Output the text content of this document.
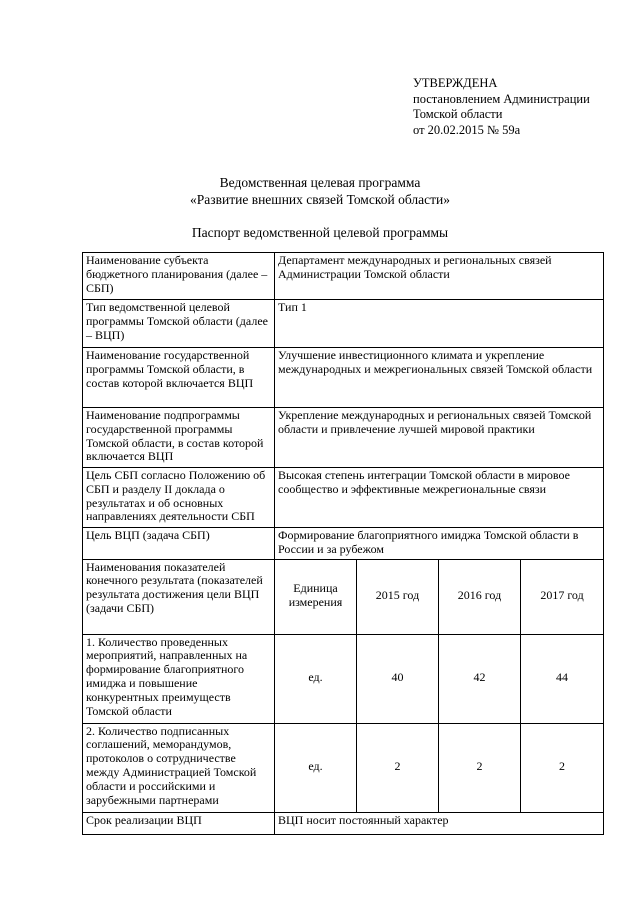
УТВЕРЖДЕНА
постановлением Администрации
Томской области
от 20.02.2015 № 59а
Ведомственная целевая программа
«Развитие внешних связей Томской области»
Паспорт ведомственной целевой программы
Наименование субъекта бюджетного планирования (далее – СБП)	Департамент международных и региональных связей Администрации Томской области			
Тип ведомственной целевой программы Томской области (далее – ВЦП)	Тип 1			
Наименование государственной программы Томской области, в состав которой включается ВЦП	Улучшение инвестиционного климата и укрепление международных и межрегиональных связей Томской области			
Наименование подпрограммы государственной программы Томской области, в состав которой включается ВЦП	Укрепление международных и региональных связей Томской области и привлечение лучшей мировой практики			
Цель СБП согласно Положению об СБП и разделу II доклада о результатах и об основных направлениях деятельности СБП	Высокая степень интеграции Томской области в мировое сообщество и эффективные межрегиональные связи			
Цель ВЦП (задача СБП)	Формирование благоприятного имиджа Томской области в России и за рубежом			
Наименования показателей конечного результата (показателей результата достижения цели ВЦП (задачи СБП)	Единица измерения	2015 год	2016 год	2017 год
1. Количество проведенных мероприятий, направленных на формирование благоприятного имиджа и повышение конкурентных преимуществ Томской области	ед.	40	42	44
2. Количество подписанных соглашений, меморандумов, протоколов о сотрудничестве между Администрацией Томской области и российскими и зарубежными партнерами	ед.	2	2	2
Срок реализации ВЦП	ВЦП носит постоянный характер			
